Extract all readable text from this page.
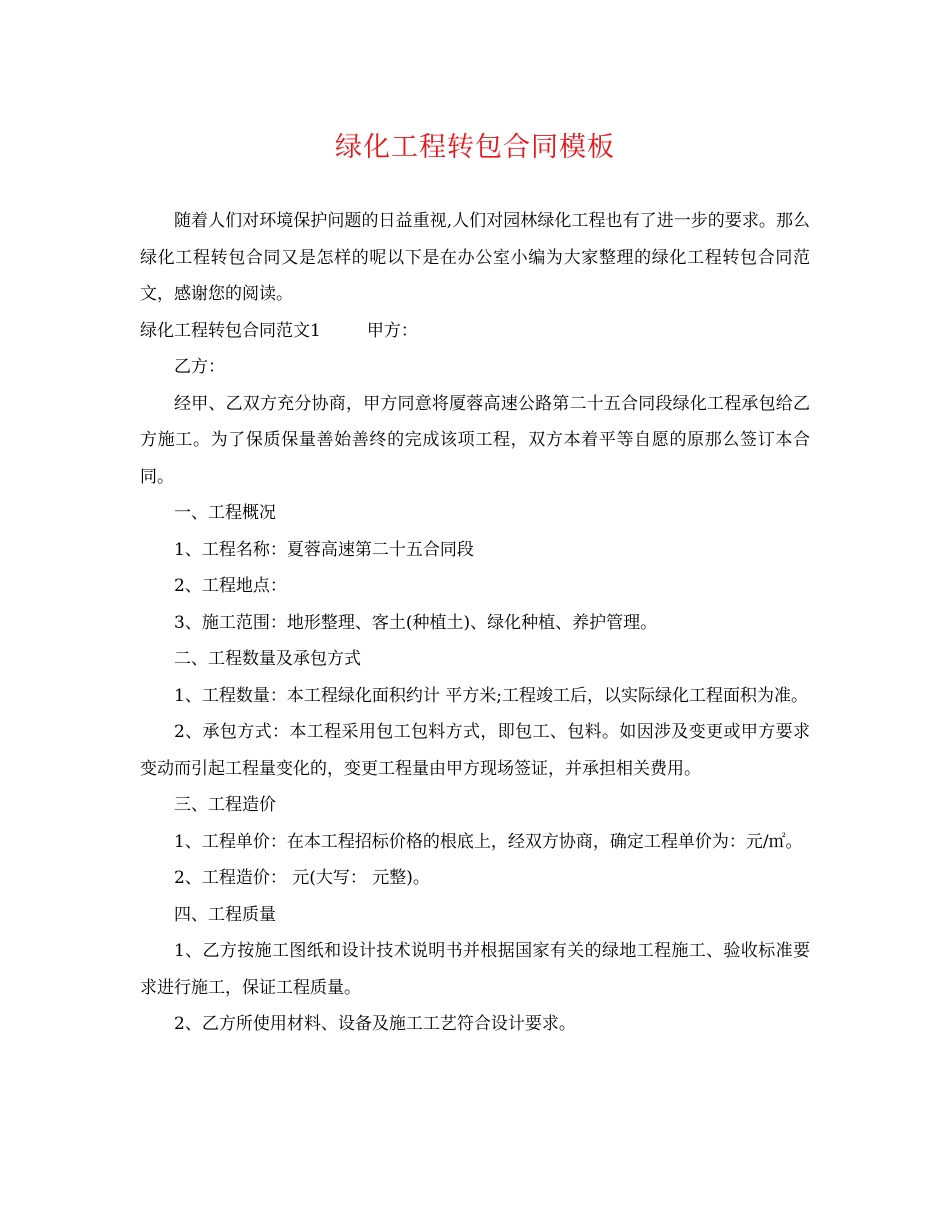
绿化工程转包合同模板

随着人们对环境保护问题的日益重视,人们对园林绿化工程也有了进一步的要求。那么绿化工程转包合同又是怎样的呢以下是在办公室小编为大家整理的绿化工程转包合同范文，感谢您的阅读。

绿化工程转包合同范文1	甲方：

乙方：

经甲、乙双方充分协商，甲方同意将厦蓉高速公路第二十五合同段绿化工程承包给乙方施工。为了保质保量善始善终的完成该项工程，双方本着平等自愿的原那么签订本合同。

一、工程概况

1、工程名称：夏蓉高速第二十五合同段

2、工程地点：

3、施工范围：地形整理、客土(种植土)、绿化种植、养护管理。

二、工程数量及承包方式

1、工程数量：本工程绿化面积约计 平方米;工程竣工后，以实际绿化工程面积为准。

2、承包方式：本工程采用包工包料方式，即包工、包料。如因涉及变更或甲方要求变动而引起工程量变化的，变更工程量由甲方现场签证，并承担相关费用。

三、工程造价

1、工程单价：在本工程招标价格的根底上，经双方协商，确定工程单价为：元/㎡。

2、工程造价： 元(大写： 元整)。

四、工程质量

1、乙方按施工图纸和设计技术说明书并根据国家有关的绿地工程施工、验收标准要求进行施工，保证工程质量。

2、乙方所使用材料、设备及施工工艺符合设计要求。
